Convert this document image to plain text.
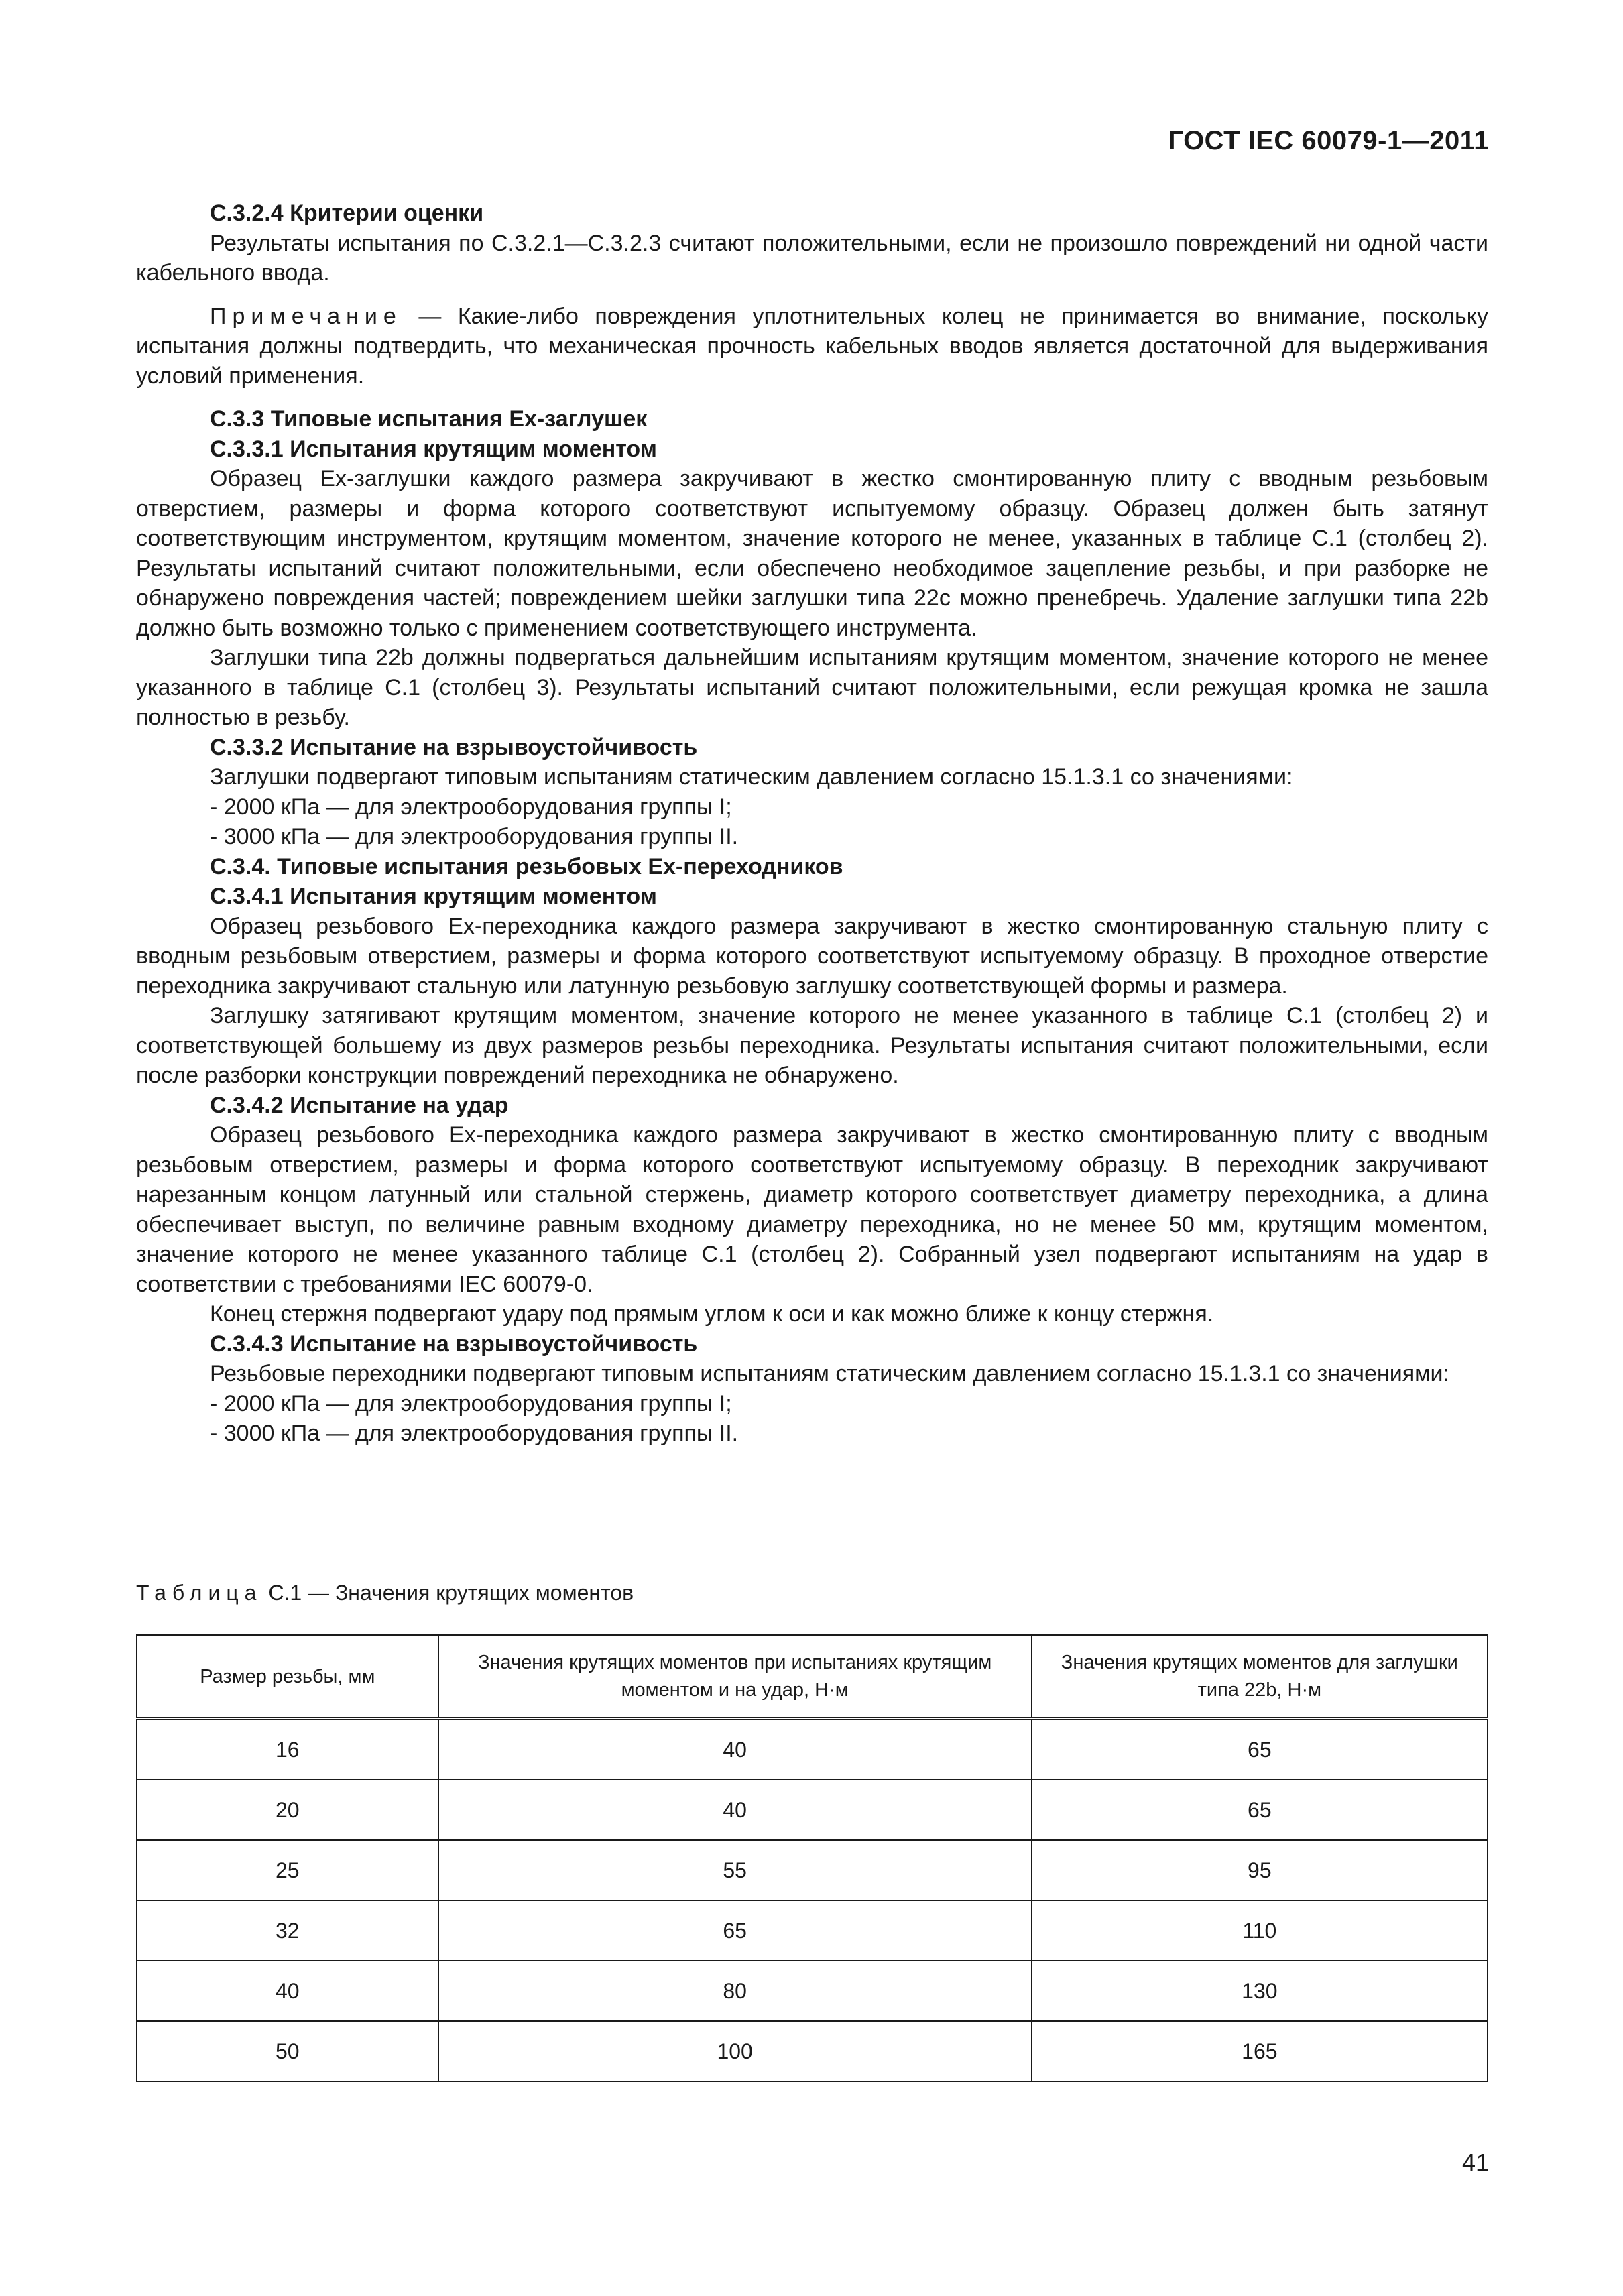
ГОСТ IEC 60079-1—2011

С.3.2.4 Критерии оценки

Результаты испытания по С.3.2.1—С.3.2.3 считают положительными, если не произошло повреждений ни одной части кабельного ввода.

Примечание — Какие-либо повреждения уплотнительных колец не принимается во внимание, поскольку испытания должны подтвердить, что механическая прочность кабельных вводов является достаточной для выдерживания условий применения.

С.3.3 Типовые испытания Ех-заглушек

С.3.3.1 Испытания крутящим моментом

Образец Ех-заглушки каждого размера закручивают в жестко смонтированную плиту с вводным резьбовым отверстием, размеры и форма которого соответствуют испытуемому образцу. Образец должен быть затянут соответствующим инструментом, крутящим моментом, значение которого не менее, указанных в таблице С.1 (столбец 2). Результаты испытаний считают положительными, если обеспечено необходимое зацепление резьбы, и при разборке не обнаружено повреждения частей; повреждением шейки заглушки типа 22с можно пренебречь. Удаление заглушки типа 22b должно быть возможно только с применением соответствующего инструмента.

Заглушки типа 22b должны подвергаться дальнейшим испытаниям крутящим моментом, значение которого не менее указанного в таблице С.1 (столбец 3). Результаты испытаний считают положительными, если режущая кромка не зашла полностью в резьбу.

С.3.3.2 Испытание на взрывоустойчивость

Заглушки подвергают типовым испытаниям статическим давлением согласно 15.1.3.1 со значениями:

- 2000 кПа — для электрооборудования группы I;

- 3000 кПа — для электрооборудования группы II.

С.3.4. Типовые испытания резьбовых Ех-переходников

С.3.4.1 Испытания крутящим моментом

Образец резьбового Ех-переходника каждого размера закручивают в жестко смонтированную стальную плиту с вводным резьбовым отверстием, размеры и форма которого соответствуют испытуемому образцу. В проходное отверстие переходника закручивают стальную или латунную резьбовую заглушку соответствующей формы и размера.

Заглушку затягивают крутящим моментом, значение которого не менее указанного в таблице С.1 (столбец 2) и соответствующей большему из двух размеров резьбы переходника. Результаты испытания считают положительными, если после разборки конструкции повреждений переходника не обнаружено.

С.3.4.2 Испытание на удар

Образец резьбового Ех-переходника каждого размера закручивают в жестко смонтированную плиту с вводным резьбовым отверстием, размеры и форма которого соответствуют испытуемому образцу. В переходник закручивают нарезанным концом латунный или стальной стержень, диаметр которого соответствует диаметру переходника, а длина обеспечивает выступ, по величине равным входному диаметру переходника, но не менее 50 мм, крутящим моментом, значение которого не менее указанного таблице С.1 (столбец 2). Собранный узел подвергают испытаниям на удар в соответствии с требованиями IEC 60079-0.

Конец стержня подвергают удару под прямым углом к оси и как можно ближе к концу стержня.

С.3.4.3 Испытание на взрывоустойчивость

Резьбовые переходники подвергают типовым испытаниям статическим давлением согласно 15.1.3.1 со значениями:

- 2000 кПа — для электрооборудования группы I;

- 3000 кПа — для электрооборудования группы II.

Таблица С.1 — Значения крутящих моментов
Размер резьбы, мм	Значения крутящих моментов при испытаниях крутящим моментом и на удар, Н·м	Значения крутящих моментов для заглушки типа 22b, Н·м
16	40	65
20	40	65
25	55	95
32	65	110
40	80	130
50	100	165
41
